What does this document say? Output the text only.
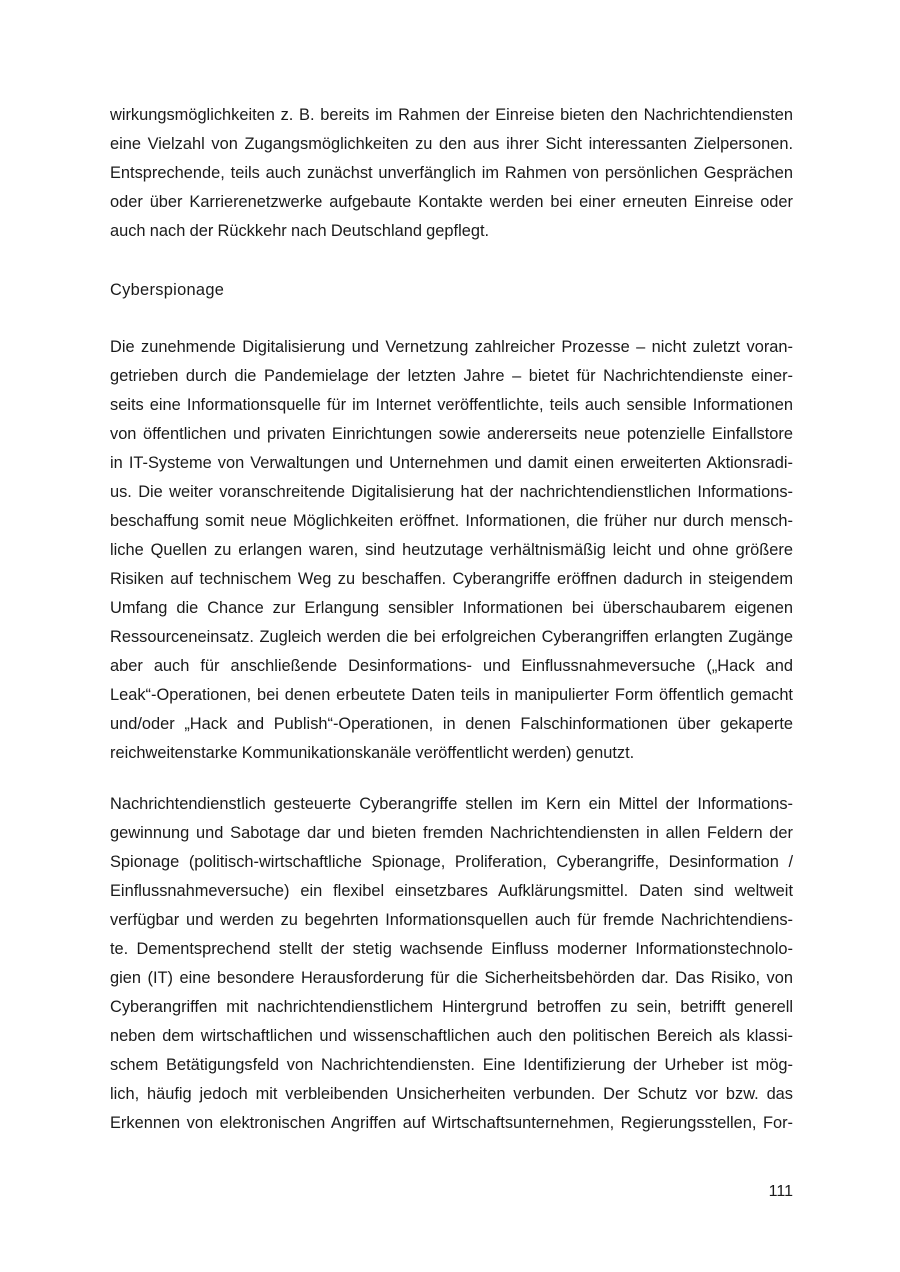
wirkungsmöglichkeiten z. B. bereits im Rahmen der Einreise bieten den Nachrichtendiensten
eine Vielzahl von Zugangsmöglichkeiten zu den aus ihrer Sicht interessanten Zielpersonen.
Entsprechende, teils auch zunächst unverfänglich im Rahmen von persönlichen Gesprächen
oder über Karrierenetzwerke aufgebaute Kontakte werden bei einer erneuten Einreise oder
auch nach der Rückkehr nach Deutschland gepflegt.
Cyberspionage
Die zunehmende Digitalisierung und Vernetzung zahlreicher Prozesse – nicht zuletzt voran-
getrieben durch die Pandemielage der letzten Jahre – bietet für Nachrichtendienste einer-
seits eine Informationsquelle für im Internet veröffentlichte, teils auch sensible Informationen
von öffentlichen und privaten Einrichtungen sowie andererseits neue potenzielle Einfallstore
in IT-Systeme von Verwaltungen und Unternehmen und damit einen erweiterten Aktionsradi-
us. Die weiter voranschreitende Digitalisierung hat der nachrichtendienstlichen Informations-
beschaffung somit neue Möglichkeiten eröffnet. Informationen, die früher nur durch mensch-
liche Quellen zu erlangen waren, sind heutzutage verhältnismäßig leicht und ohne größere
Risiken auf technischem Weg zu beschaffen. Cyberangriffe eröffnen dadurch in steigendem
Umfang die Chance zur Erlangung sensibler Informationen bei überschaubarem eigenen
Ressourceneinsatz. Zugleich werden die bei erfolgreichen Cyberangriffen erlangten Zugänge
aber auch für anschließende Desinformations- und Einflussnahmeversuche („Hack and
Leak“-Operationen, bei denen erbeutete Daten teils in manipulierter Form öffentlich gemacht
und/oder „Hack and Publish“-Operationen, in denen Falschinformationen über gekaperte
reichweitenstarke Kommunikationskanäle veröffentlicht werden) genutzt.
Nachrichtendienstlich gesteuerte Cyberangriffe stellen im Kern ein Mittel der Informations-
gewinnung und Sabotage dar und bieten fremden Nachrichtendiensten in allen Feldern der
Spionage (politisch-wirtschaftliche Spionage, Proliferation, Cyberangriffe, Desinformation /
Einflussnahmeversuche) ein flexibel einsetzbares Aufklärungsmittel. Daten sind weltweit
verfügbar und werden zu begehrten Informationsquellen auch für fremde Nachrichtendiens-
te. Dementsprechend stellt der stetig wachsende Einfluss moderner Informationstechnolo-
gien (IT) eine besondere Herausforderung für die Sicherheitsbehörden dar. Das Risiko, von
Cyberangriffen mit nachrichtendienstlichem Hintergrund betroffen zu sein, betrifft generell
neben dem wirtschaftlichen und wissenschaftlichen auch den politischen Bereich als klassi-
schem Betätigungsfeld von Nachrichtendiensten. Eine Identifizierung der Urheber ist mög-
lich, häufig jedoch mit verbleibenden Unsicherheiten verbunden. Der Schutz vor bzw. das
Erkennen von elektronischen Angriffen auf Wirtschaftsunternehmen, Regierungsstellen, For-
111
